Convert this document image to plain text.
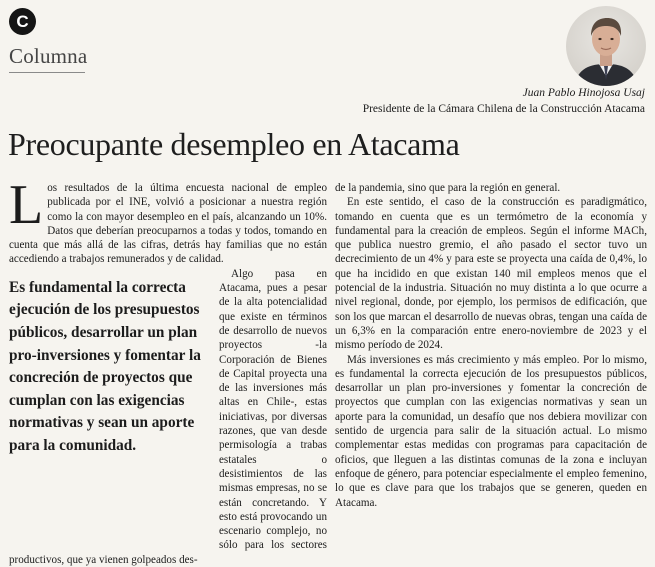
C
Columna
Juan Pablo Hinojosa Usaj
Presidente de la Cámara Chilena de la Construcción Atacama
Preocupante desempleo en Atacama

Los resultados de la última encuesta nacional de empleo publicada por el INE, volvió a posicionar a nuestra región como la con mayor desempleo en el país, alcanzando un 10%. Datos que deberían preocuparnos a todas y todos, tomando en cuenta que más allá de las cifras, detrás hay familias que no están accediendo a trabajos remunerados y de calidad.

Es fundamental la correcta ejecución de los presupuestos públicos, desarrollar un plan pro-inversiones y fomentar la concreción de proyectos que cumplan con las exigencias normativas y sean un aporte para la comunidad.

Algo pasa en Atacama, pues a pesar de la alta potencialidad que existe en términos de desarrollo de nuevos proyectos -la Corporación de Bienes de Capital proyecta una de las inversiones más altas en Chile-, estas iniciativas, por diversas razones, que van desde permisología a trabas estatales o desistimientos de las mismas empresas, no se están concretando. Y esto está provocando un escenario complejo, no sólo para los sectores productivos, que ya vienen golpeados des-

de la pandemia, sino que para la región en general.

En este sentido, el caso de la construcción es paradigmático, tomando en cuenta que es un termómetro de la economía y fundamental para la creación de empleos. Según el informe MACh, que publica nuestro gremio, el año pasado el sector tuvo un decrecimiento de un 4% y para este se proyecta una caída de 0,4%, lo que ha incidido en que existan 140 mil empleos menos que el potencial de la industria. Situación no muy distinta a lo que ocurre a nivel regional, donde, por ejemplo, los permisos de edificación, que son los que marcan el desarrollo de nuevas obras, tengan una caída de un 6,3% en la comparación entre enero-noviembre de 2023 y el mismo período de 2024.

Más inversiones es más crecimiento y más empleo. Por lo mismo, es fundamental la correcta ejecución de los presupuestos públicos, desarrollar un plan pro-inversiones y fomentar la concreción de proyectos que cumplan con las exigencias normativas y sean un aporte para la comunidad, un desafío que nos debiera movilizar con sentido de urgencia para salir de la situación actual. Lo mismo complementar estas medidas con programas para capacitación de oficios, que lleguen a las distintas comunas de la zona e incluyan enfoque de género, para potenciar especialmente el empleo femenino, lo que es clave para que los trabajos que se generen, queden en Atacama.
